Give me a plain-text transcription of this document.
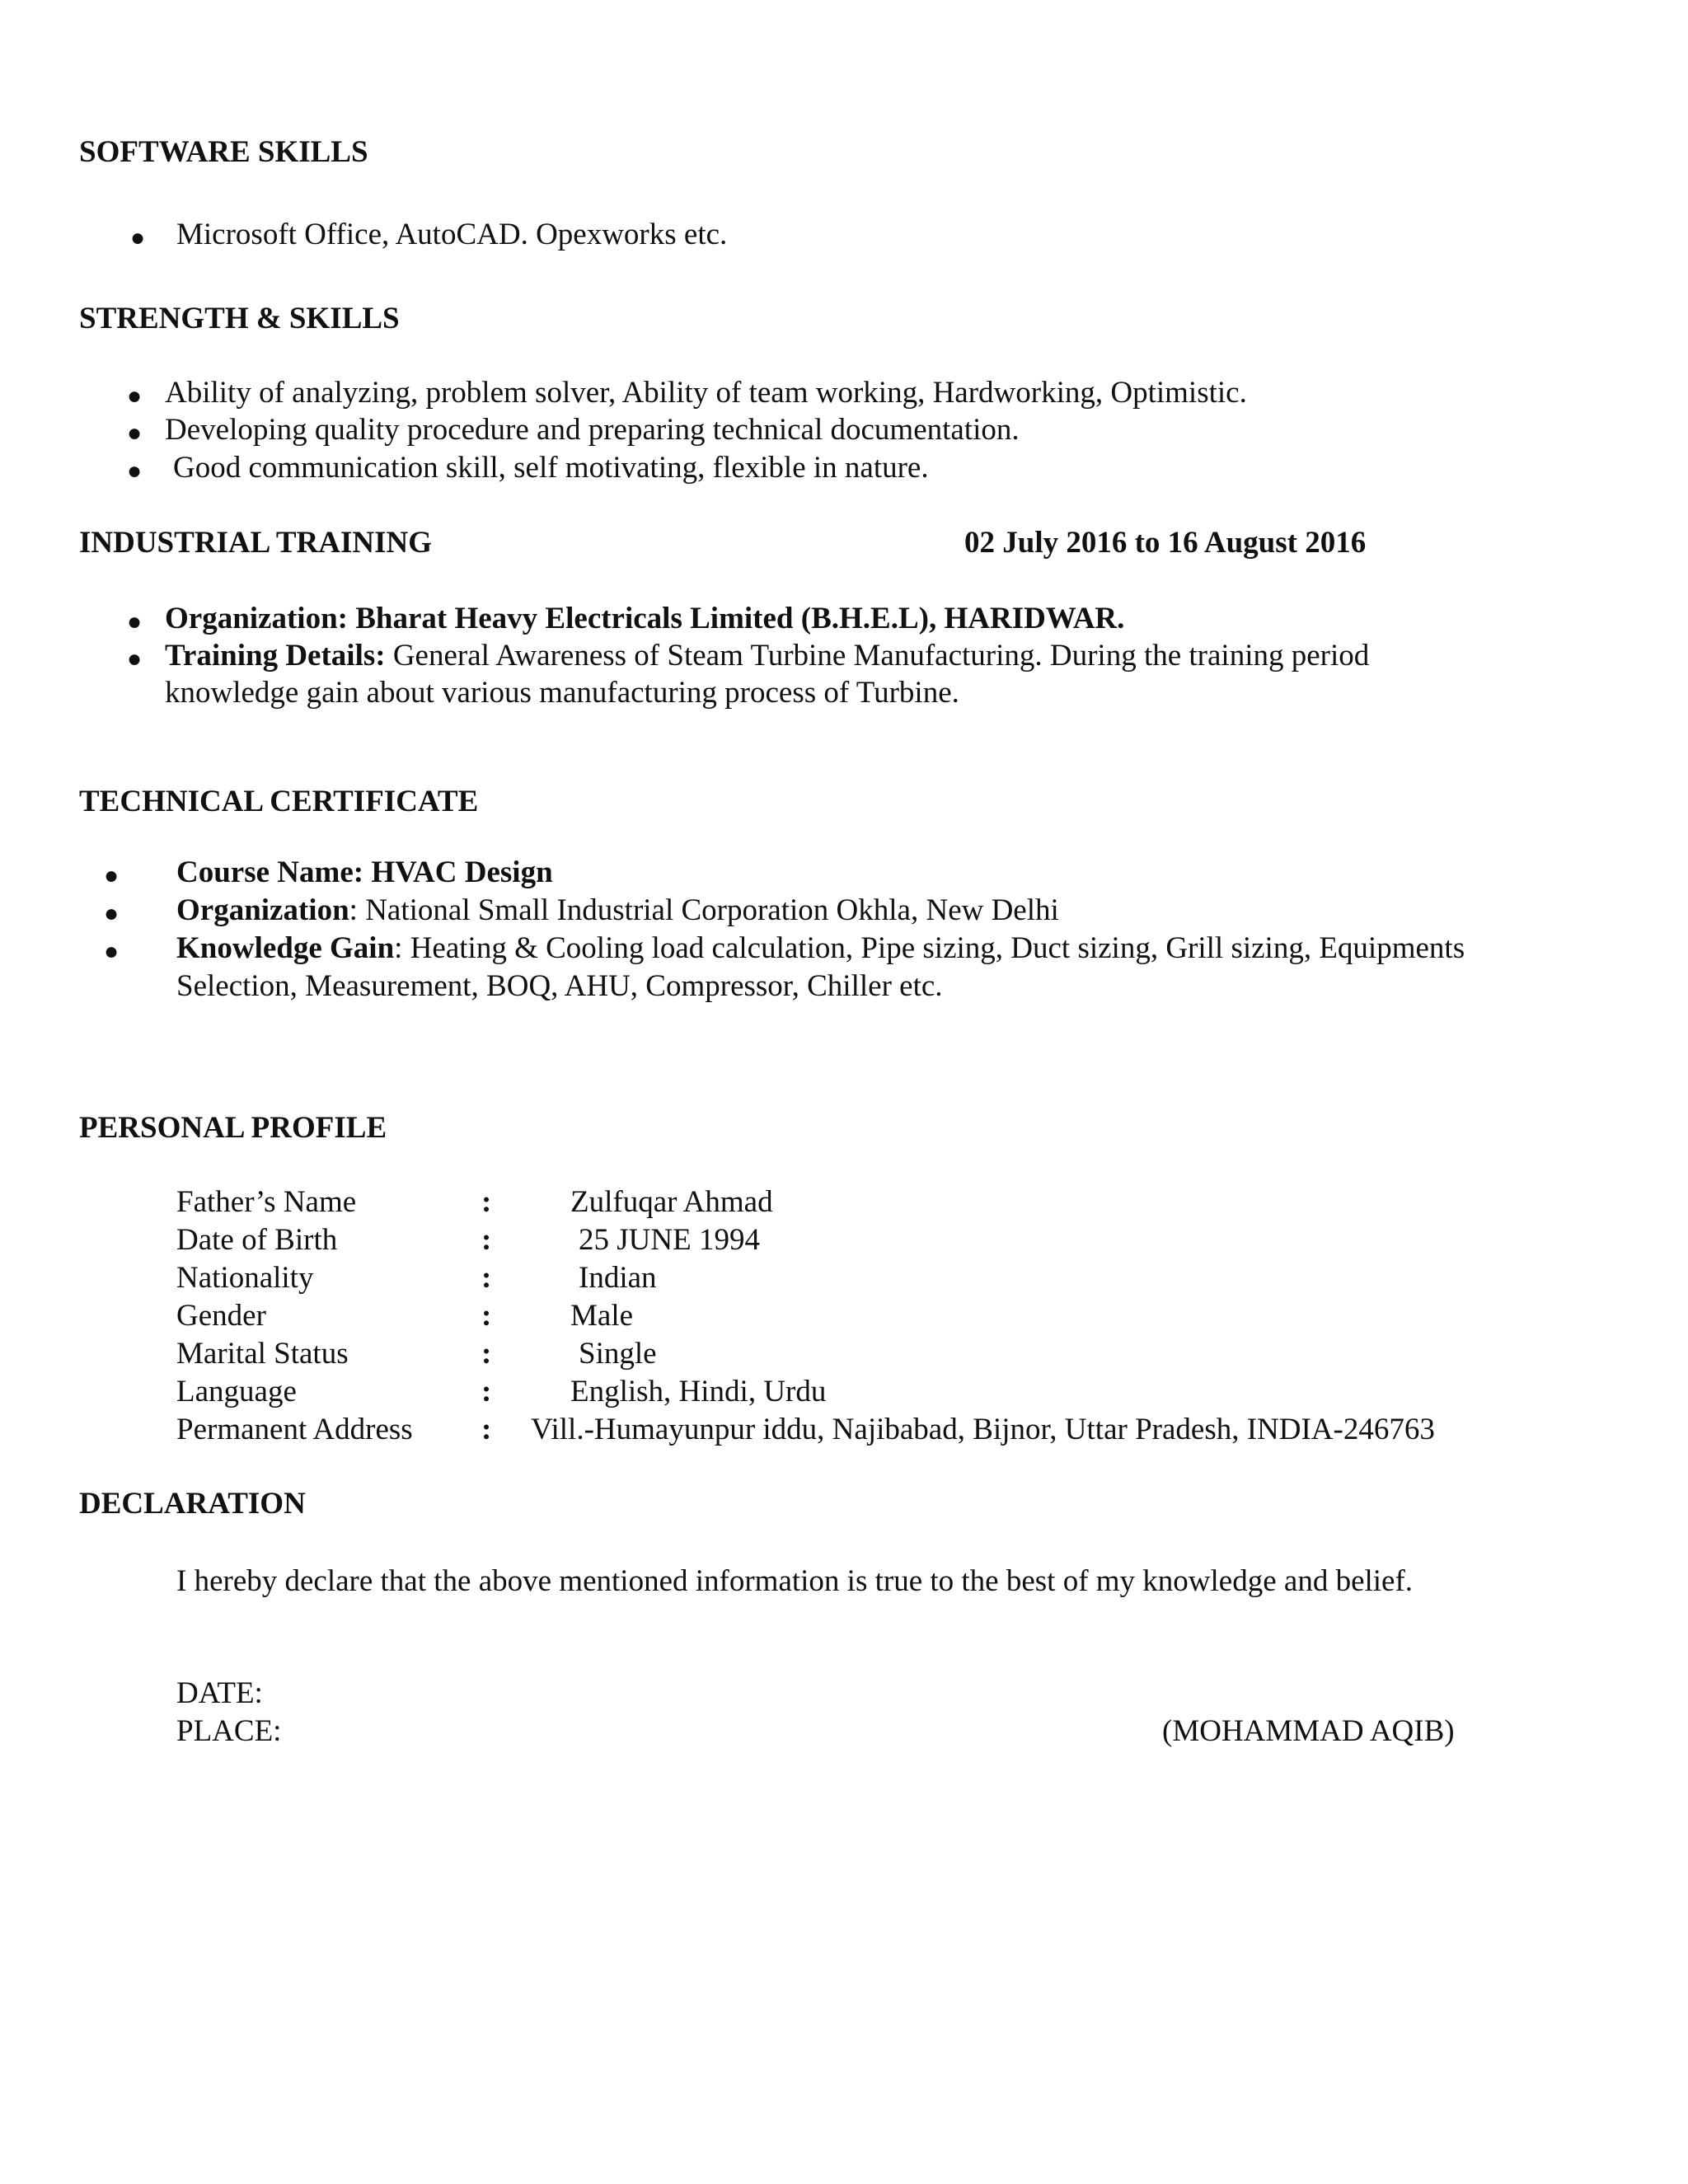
SOFTWARE SKILLS
● Microsoft Office, AutoCAD. Opexworks etc.
STRENGTH & SKILLS
● Ability of analyzing, problem solver, Ability of team working, Hardworking, Optimistic.
● Developing quality procedure and preparing technical documentation.
● Good communication skill, self motivating, flexible in nature.
INDUSTRIAL TRAINING	02 July 2016 to 16 August 2016
● Organization: Bharat Heavy Electricals Limited (B.H.E.L), HARIDWAR.
● Training Details: General Awareness of Steam Turbine Manufacturing. During the training period
knowledge gain about various manufacturing process of Turbine.
TECHNICAL CERTIFICATE
● Course Name: HVAC Design
● Organization: National Small Industrial Corporation Okhla, New Delhi
● Knowledge Gain: Heating & Cooling load calculation, Pipe sizing, Duct sizing, Grill sizing, Equipments
Selection, Measurement, BOQ, AHU, Compressor, Chiller etc.
PERSONAL PROFILE
Father’s Name	:	Zulfuqar Ahmad
Date of Birth	:	25 JUNE 1994
Nationality	:	Indian
Gender	:	Male
Marital Status	:	Single
Language	:	English, Hindi, Urdu
Permanent Address : Vill.-Humayunpur iddu, Najibabad, Bijnor, Uttar Pradesh, INDIA-246763
DECLARATION
I hereby declare that the above mentioned information is true to the best of my knowledge and belief.
DATE:
PLACE:	(MOHAMMAD AQIB)
